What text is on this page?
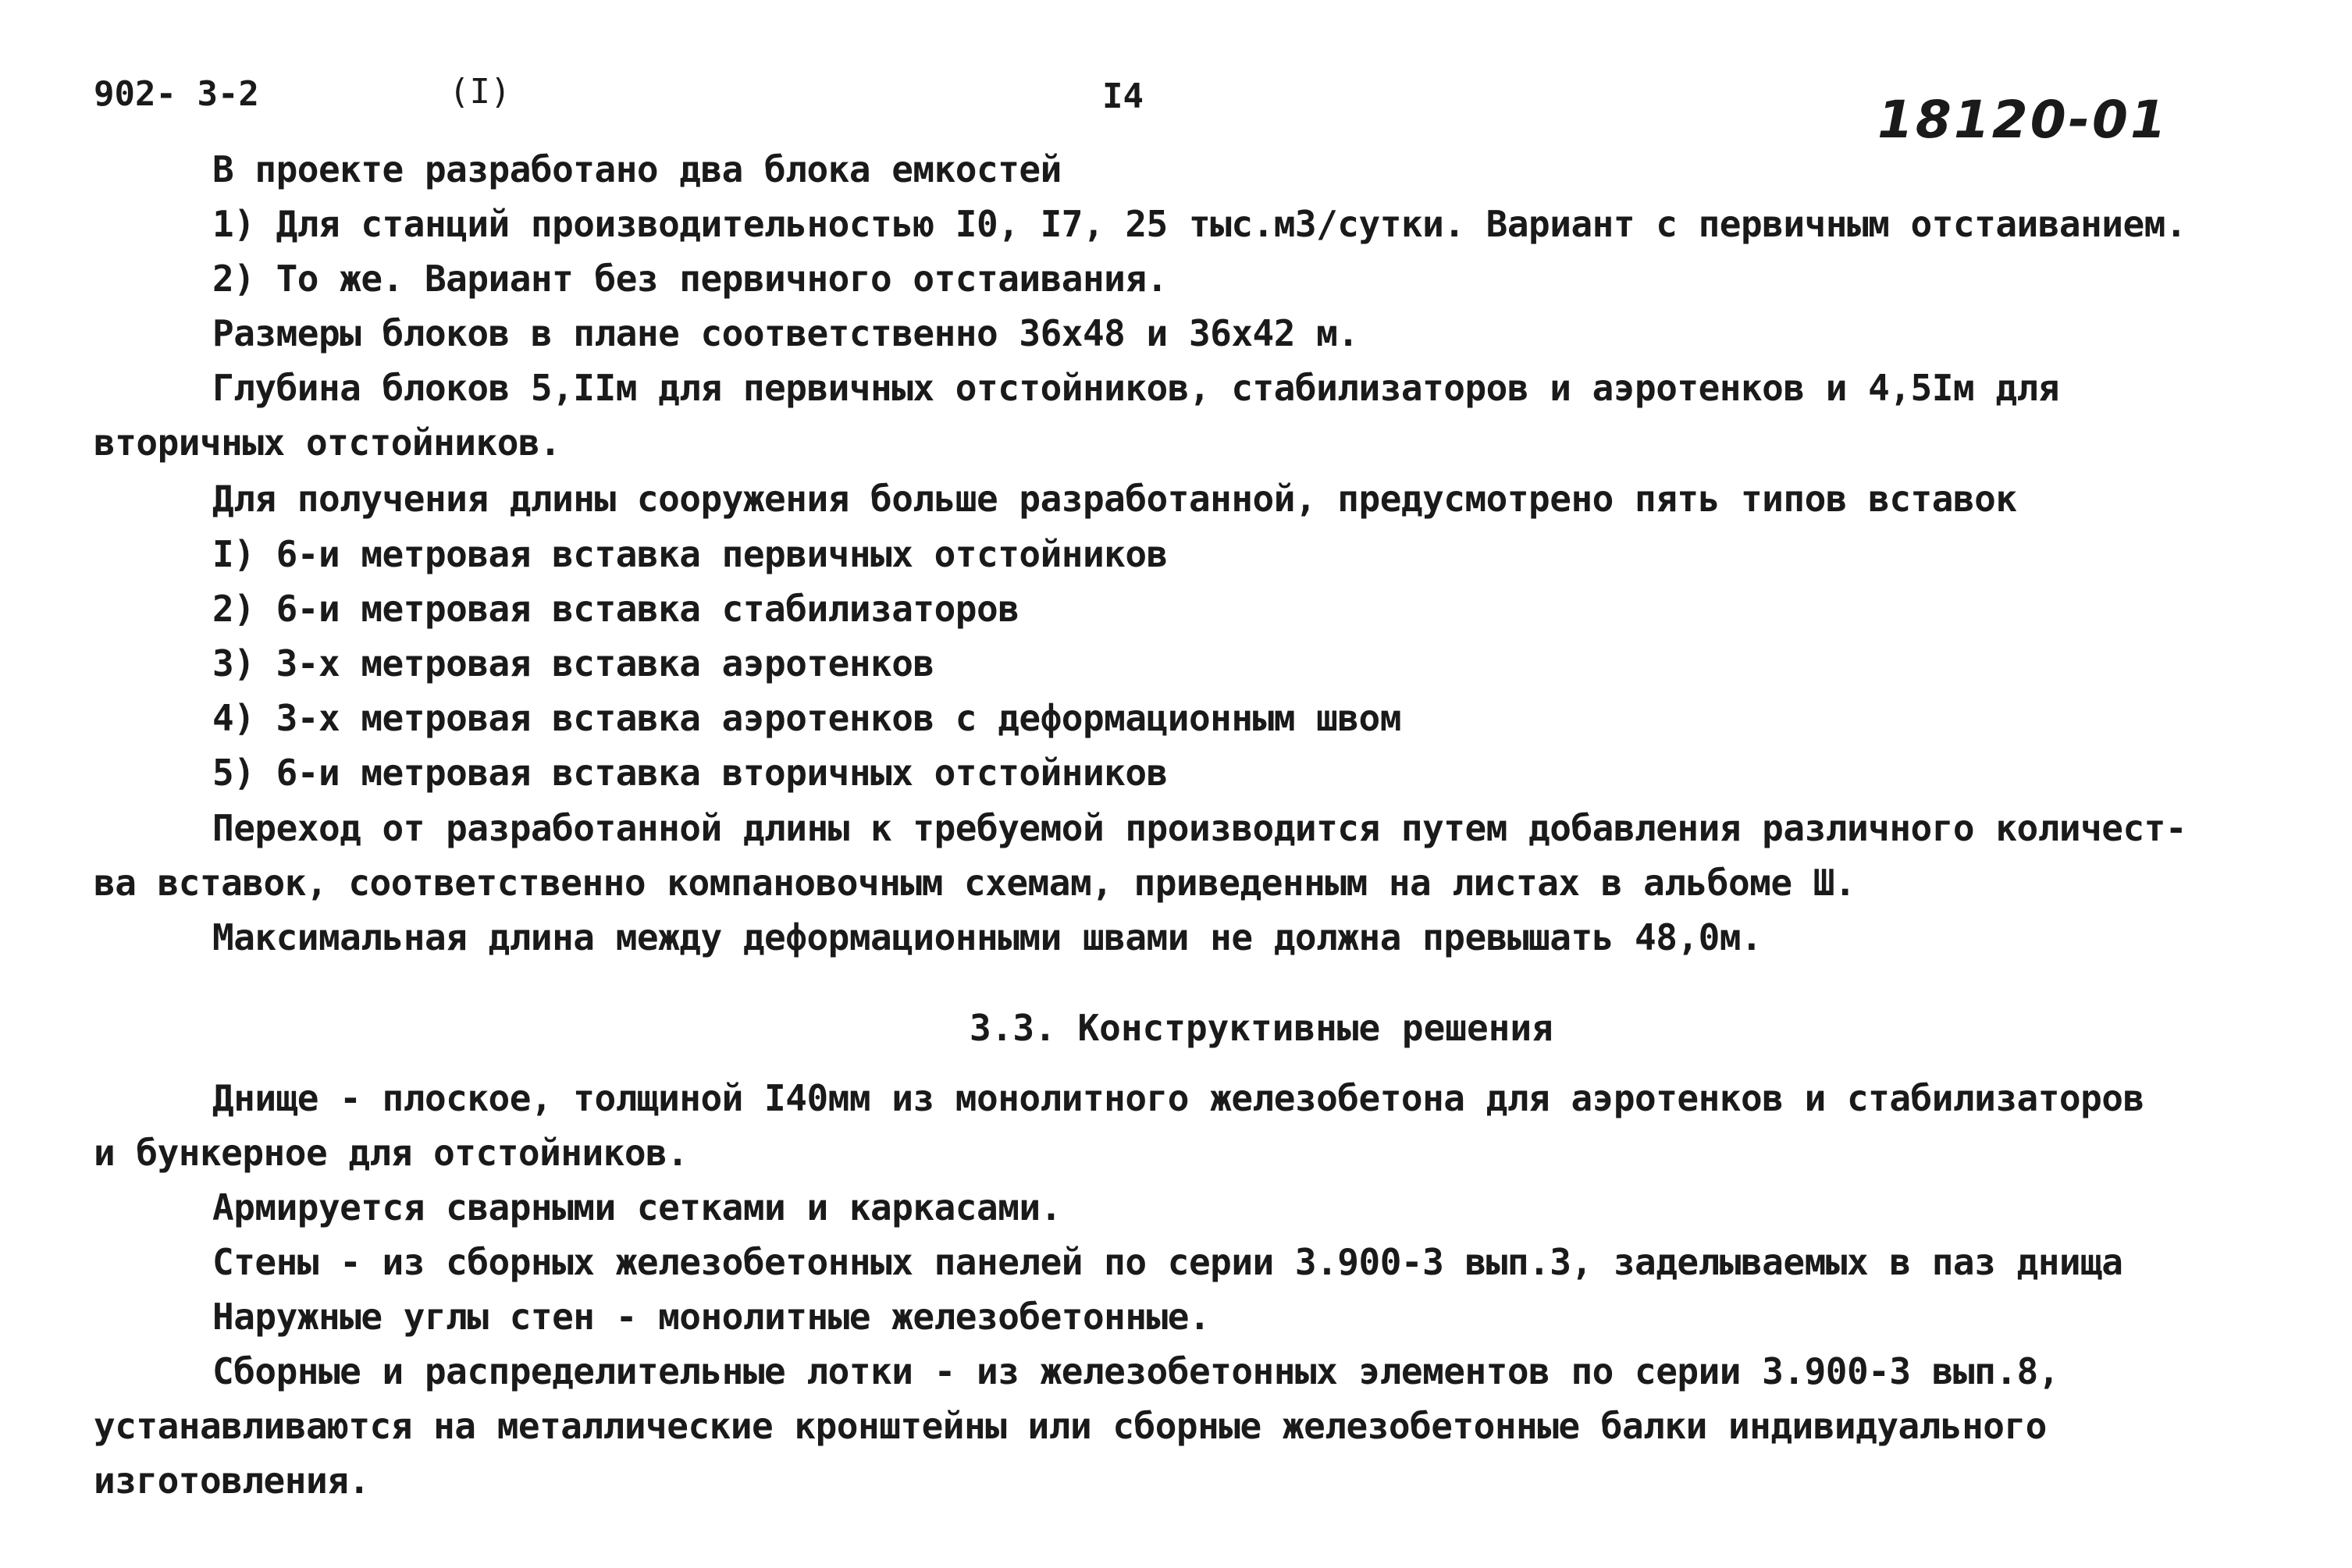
902- 3-2	(I)	I4	18120-01
В проекте разработано два блока емкостей
1) Для станций производительностью I0, I7, 25 тыс.м3/сутки. Вариант с первичным отстаиванием.
2) То же. Вариант без первичного отстаивания.
Размеры блоков в плане соответственно 36х48 и 36х42 м.
Глубина блоков 5,IIм для первичных отстойников, стабилизаторов и аэротенков и 4,5Iм для
вторичных отстойников.
Для получения длины сооружения больше разработанной, предусмотрено пять типов вставок
I) 6-и метровая вставка первичных отстойников
2) 6-и метровая вставка стабилизаторов
3) 3-х метровая вставка аэротенков
4) 3-х метровая вставка аэротенков с деформационным швом
5) 6-и метровая вставка вторичных отстойников
Переход от разработанной длины к требуемой производится путем добавления различного количест-
ва вставок, соответственно компановочным схемам, приведенным на листах в альбоме Ш.
Максимальная длина между деформационными швами не должна превышать 48,0м.
3.3. Конструктивные решения
Днище - плоское, толщиной I40мм из монолитного железобетона для аэротенков и стабилизаторов
и бункерное для отстойников.
Армируется сварными сетками и каркасами.
Стены - из сборных железобетонных панелей по серии 3.900-3 вып.3, заделываемых в паз днища
Наружные углы стен - монолитные железобетонные.
Сборные и распределительные лотки - из железобетонных элементов по серии 3.900-3 вып.8,
устанавливаются на металлические кронштейны или сборные железобетонные балки индивидуального
изготовления.
